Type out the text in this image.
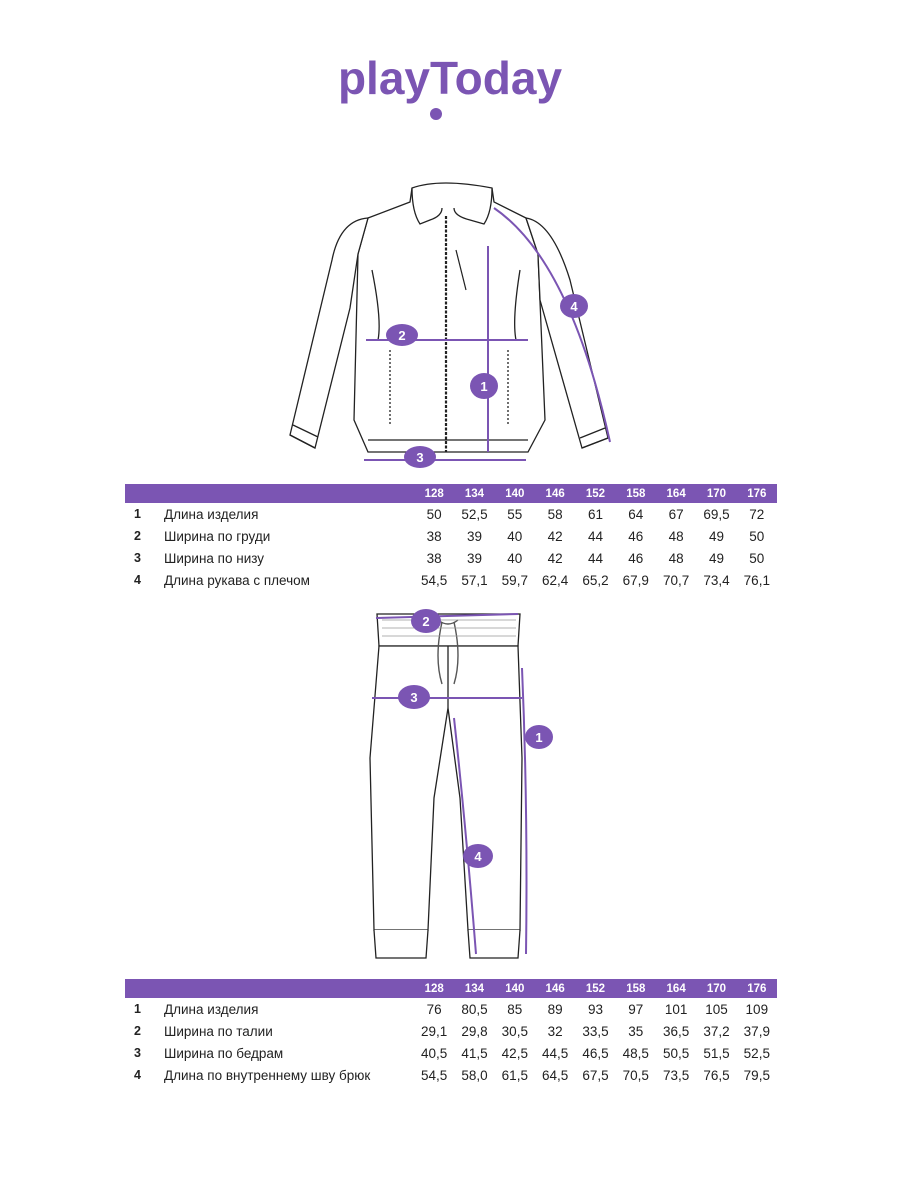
playToday
2
1
3
4
		128	134	140	146	152	158	164	170	176
1	Длина изделия	50	52,5	55	58	61	64	67	69,5	72
2	Ширина по груди	38	39	40	42	44	46	48	49	50
3	Ширина по низу	38	39	40	42	44	46	48	49	50
4	Длина рукава с плечом	54,5	57,1	59,7	62,4	65,2	67,9	70,7	73,4	76,1
2
3
1
4
		128	134	140	146	152	158	164	170	176
1	Длина изделия	76	80,5	85	89	93	97	101	105	109
2	Ширина по талии	29,1	29,8	30,5	32	33,5	35	36,5	37,2	37,9
3	Ширина по бедрам	40,5	41,5	42,5	44,5	46,5	48,5	50,5	51,5	52,5
4	Длина по внутреннему шву брюк	54,5	58,0	61,5	64,5	67,5	70,5	73,5	76,5	79,5
